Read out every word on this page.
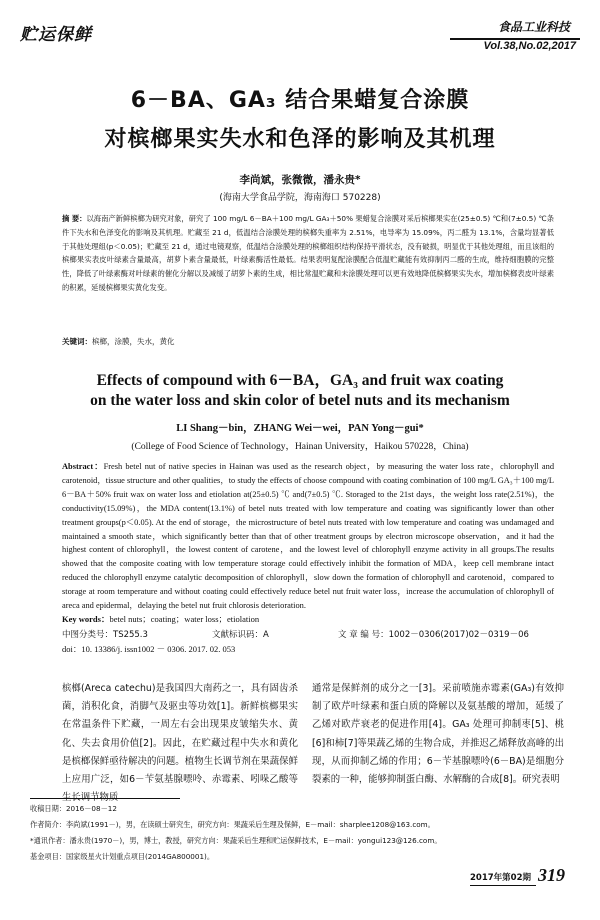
贮运保鲜	食品工业科技
Vol.38,No.02,2017
6－BA、GA₃ 结合果蜡复合涂膜
对槟榔果实失水和色泽的影响及其机理
李尚斌，张微微，潘永贵*
(海南大学食品学院，海南海口 570228)
摘 要：以海南产新鲜槟榔为研究对象，研究了 100 mg/L 6－BA＋100 mg/L GA₃＋50% 果蜡复合涂膜对采后槟榔果实在(25±0.5) ℃和(7±0.5) ℃条件下失水和色泽变化的影响及其机理。贮藏至 21 d，低温结合涂膜处理的槟榔失重率为 2.51%，电导率为 15.09%，丙二醛为 13.1%，含量均显著低于其他处理组(p＜0.05)；贮藏至 21 d，通过电镜观察，低温结合涂膜处理的槟榔组织结构保持平滑状态，没有破损，明显优于其他处理组，而且该组的槟榔果实表皮叶绿素含量最高，胡萝卜素含量最低，叶绿素酶活性最低。结果表明复配涂膜配合低温贮藏能有效抑制丙二醛的生成，维持细胞膜的完整性，降低了叶绿素酶对叶绿素的催化分解以及减缓了胡萝卜素的生成，相比常温贮藏和未涂膜处理可以更有效地降低槟榔果实失水，增加槟榔表皮叶绿素的积累，延缓槟榔果实黄化发变。
关键词：槟榔，涂膜，失水，黄化
Effects of compound with 6－BA，GA₃ and fruit wax coating
on the water loss and skin color of betel nuts and its mechanism
LI Shang－bin，ZHANG Wei－wei，PAN Yong－gui*
(College of Food Science of Technology，Hainan University，Haikou 570228，China)
Abstract：Fresh betel nut of native species in Hainan was used as the research object，by measuring the water loss rate，chlorophyll and carotenoid，tissue structure and other qualities，to study the effects of choose compound with coating combination of 100 mg/L GA₃＋100 mg/L 6－BA＋50% fruit wax on water loss and etiolation at(25±0.5) ℃ and(7±0.5) ℃. Storaged to the 21st days，the weight loss rate(2.51%)，the conductivity(15.09%)，the MDA content(13.1%) of betel nuts treated with low temperature and coating was significantly lower than other treatment groups(p＜0.05). At the end of storage，the microstructure of betel nuts treated with low temperature and coating was undamaged and maintained a smooth state，which significantly better than that of other treatment groups by electron microscope observation，and it had the highest content of chlorophyll，the lowest content of carotene，and the lowest level of chlorophyll enzyme activity in all groups.The results showed that the composite coating with low temperature storage could effectively inhibit the formation of MDA，keep cell membrane intact reduced the chlorophyll enzyme catalytic decomposition of chlorophyll，slow down the formation of chlorophyll and carotenoid，compared to storage at room temperature and without coating could effectively reduce betel nut fruit water loss，increase the accumulation of chlorophyll of areca and epidermal，delaying the betel nut fruit chlorosis deterioration.
Key words：betel nuts；coating；water loss；etiolation
中图分类号：TS255.3	文献标识码：A	文 章 编 号：1002－0306(2017)02－0319－06
doi：10. 13386/j. issn1002 － 0306. 2017. 02. 053
槟榔(Areca catechu)是我国四大南药之一，具有固齿杀菌，消积化食，消脚气及驱虫等功效[1]。新鲜槟榔果实在常温条件下贮藏，一周左右会出现果皮皱缩失水、黄化、失去食用价值[2]。因此，在贮藏过程中失水和黄化是槟榔保鲜亟待解决的问题。植物生长调节剂在果蔬保鲜上应用广泛，如6－苄氨基腺嘌呤、赤霉素、吲哚乙酸等生长调节物质
通常是保鲜剂的成分之一[3]。采前喷施赤霉素(GA₃)有效抑制了欧芹叶绿素和蛋白质的降解以及氨基酸的增加，延缓了乙烯对欧芹衰老的促进作用[4]。GA₃ 处理可抑制枣[5]、桃[6]和柿[7]等果蔬乙烯的生物合成，并推迟乙烯释放高峰的出现，从而抑制乙烯的作用；6－苄基腺嘌呤(6－BA)是细胞分裂素的一种，能够抑制蛋白酶、水解酶的合成[8]。研究表明
收稿日期：2016－08－12
作者简介：李尚斌(1991－)，男，在读硕士研究生，研究方向：果蔬采后生理及保鲜，E－mail：sharplee1208@163.com。
*通讯作者：潘永贵(1970－)，男，博士，教授，研究方向：果蔬采后生理和贮运保鲜技术，E－mail：yongui123@126.com。
基金项目：国家级星火计划重点项目(2014GA800001)。
2017年第02期 319
